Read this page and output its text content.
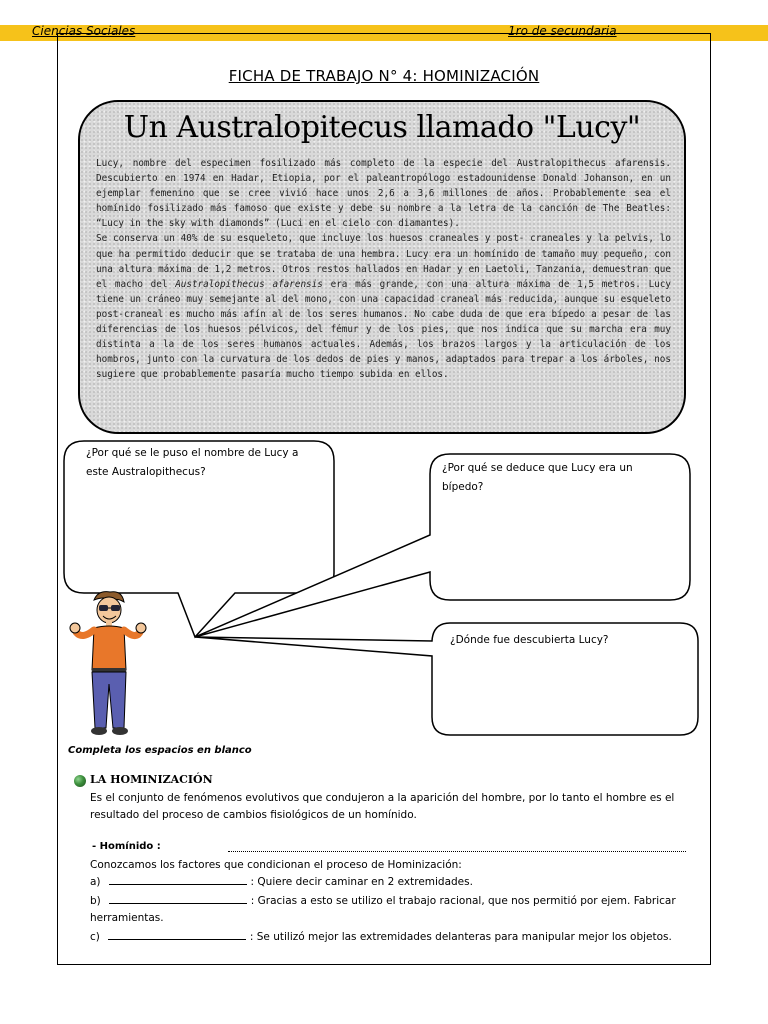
Ciencias Sociales	1ro de secundaria
FICHA DE TRABAJO N° 4: HOMINIZACIÓN
Un Australopitecus llamado "Lucy"

Lucy, nombre del especimen fosilizado más completo de la especie del Australopithecus afarensis. Descubierto en 1974 en Hadar, Etiopia, por el paleantropólogo estadounidense Donald Johanson, en un ejemplar femenino que se cree vivió hace unos 2,6 a 3,6 millones de años. Probablemente sea el homínido fosilizado más famoso que existe y debe su nombre a la letra de la canción de The Beatles: “Lucy in the sky with diamonds” (Luci en el cielo con diamantes).

Se conserva un 40% de su esqueleto, que incluye los huesos craneales y post- craneales y la pelvis, lo que ha permitido deducir que se trataba de una hembra. Lucy era un homínido de tamaño muy pequeño, con una altura máxima de 1,2 metros. Otros restos hallados en Hadar y en Laetoli, Tanzania, demuestran que el macho del Australopithecus afarensis era más grande, con una altura máxima de 1,5 metros. Lucy tiene un cráneo muy semejante al del mono, con una capacidad craneal más reducida, aunque su esqueleto post-craneal es mucho más afín al de los seres humanos. No cabe duda de que era bípedo a pesar de las diferencias de los huesos pélvicos, del fémur y de los pies, que nos indica que su marcha era muy distinta a la de los seres humanos actuales. Además, los brazos largos y la articulación de los hombros, junto con la curvatura de los dedos de pies y manos, adaptados para trepar a los árboles, nos sugiere que probablemente pasaría mucho tiempo subida en ellos.

¿Por qué se le puso el nombre de Lucy a este Australopithecus?	¿Por qué se deduce que Lucy era un bípedo?
¿Dónde fue descubierta Lucy?
Completa los espacios en blanco
LA HOMINIZACIÓN
Es el conjunto de fenómenos evolutivos que condujeron a la aparición del hombre, por lo tanto el hombre es el resultado del proceso de cambios fisiológicos de un homínido.
- Homínido :
Conozcamos los factores que condicionan el proceso de Hominización:
a)	: Quiere decir caminar en 2 extremidades.
b)	: Gracias a esto se utilizo el trabajo racional, que nos permitió por ejem. Fabricar herramientas.
c)	: Se utilizó mejor las extremidades delanteras para manipular mejor los objetos.
